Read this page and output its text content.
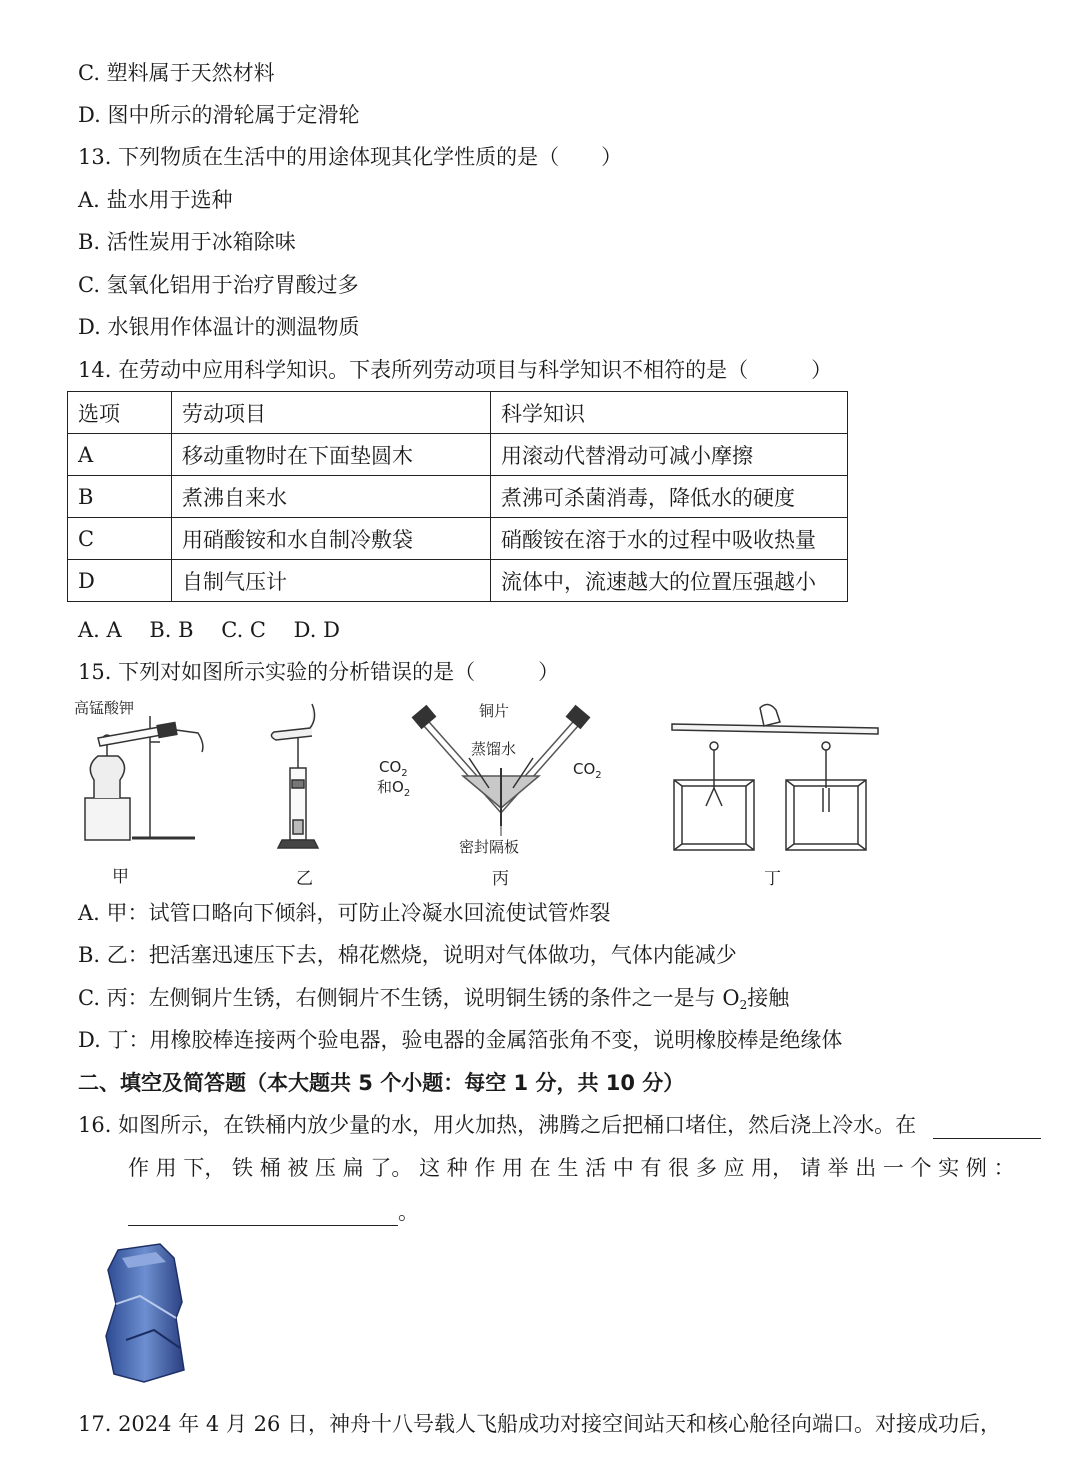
C. 塑料属于天然材料
D. 图中所示的滑轮属于定滑轮
13. 下列物质在生活中的用途体现其化学性质的是（　　）
A. 盐水用于选种
B. 活性炭用于冰箱除味
C. 氢氧化铝用于治疗胃酸过多
D. 水银用作体温计的测温物质
14. 在劳动中应用科学知识。下表所列劳动项目与科学知识不相符的是（　　　）
选项	劳动项目	科学知识
A	移动重物时在下面垫圆木	用滚动代替滑动可减小摩擦
B	煮沸自来水	煮沸可杀菌消毒，降低水的硬度
C	用硝酸铵和水自制冷敷袋	硝酸铵在溶于水的过程中吸收热量
D	自制气压计	流体中，流速越大的位置压强越小
A. A　 B. B　 C. C　 D. D
15. 下列对如图所示实验的分析错误的是（　　　）
高锰酸钾
甲	乙
铜片
蒸馏水
$CO_2$
和$O_2$
$CO_2$
密封隔板
丙	丁
A. 甲：试管口略向下倾斜，可防止冷凝水回流使试管炸裂
B. 乙：把活塞迅速压下去，棉花燃烧，说明对气体做功，气体内能减少
C. 丙：左侧铜片生锈，右侧铜片不生锈，说明铜生锈的条件之一是与 $O_2$接触
D. 丁：用橡胶棒连接两个验电器，验电器的金属箔张角不变，说明橡胶棒是绝缘体
二、填空及简答题（本大题共 5 个小题：每空 1 分，共 10 分）
16. 如图所示，在铁桶内放少量的水，用火加热，沸腾之后把桶口堵住，然后浇上冷水。在
作 用 下， 铁 桶 被 压 扁 了。 这 种 作 用 在 生 活 中 有 很 多 应 用， 请 举 出 一 个 实 例 ：
。
17. 2024 年 4 月 26 日，神舟十八号载人飞船成功对接空间站天和核心舱径向端口。对接成功后，
